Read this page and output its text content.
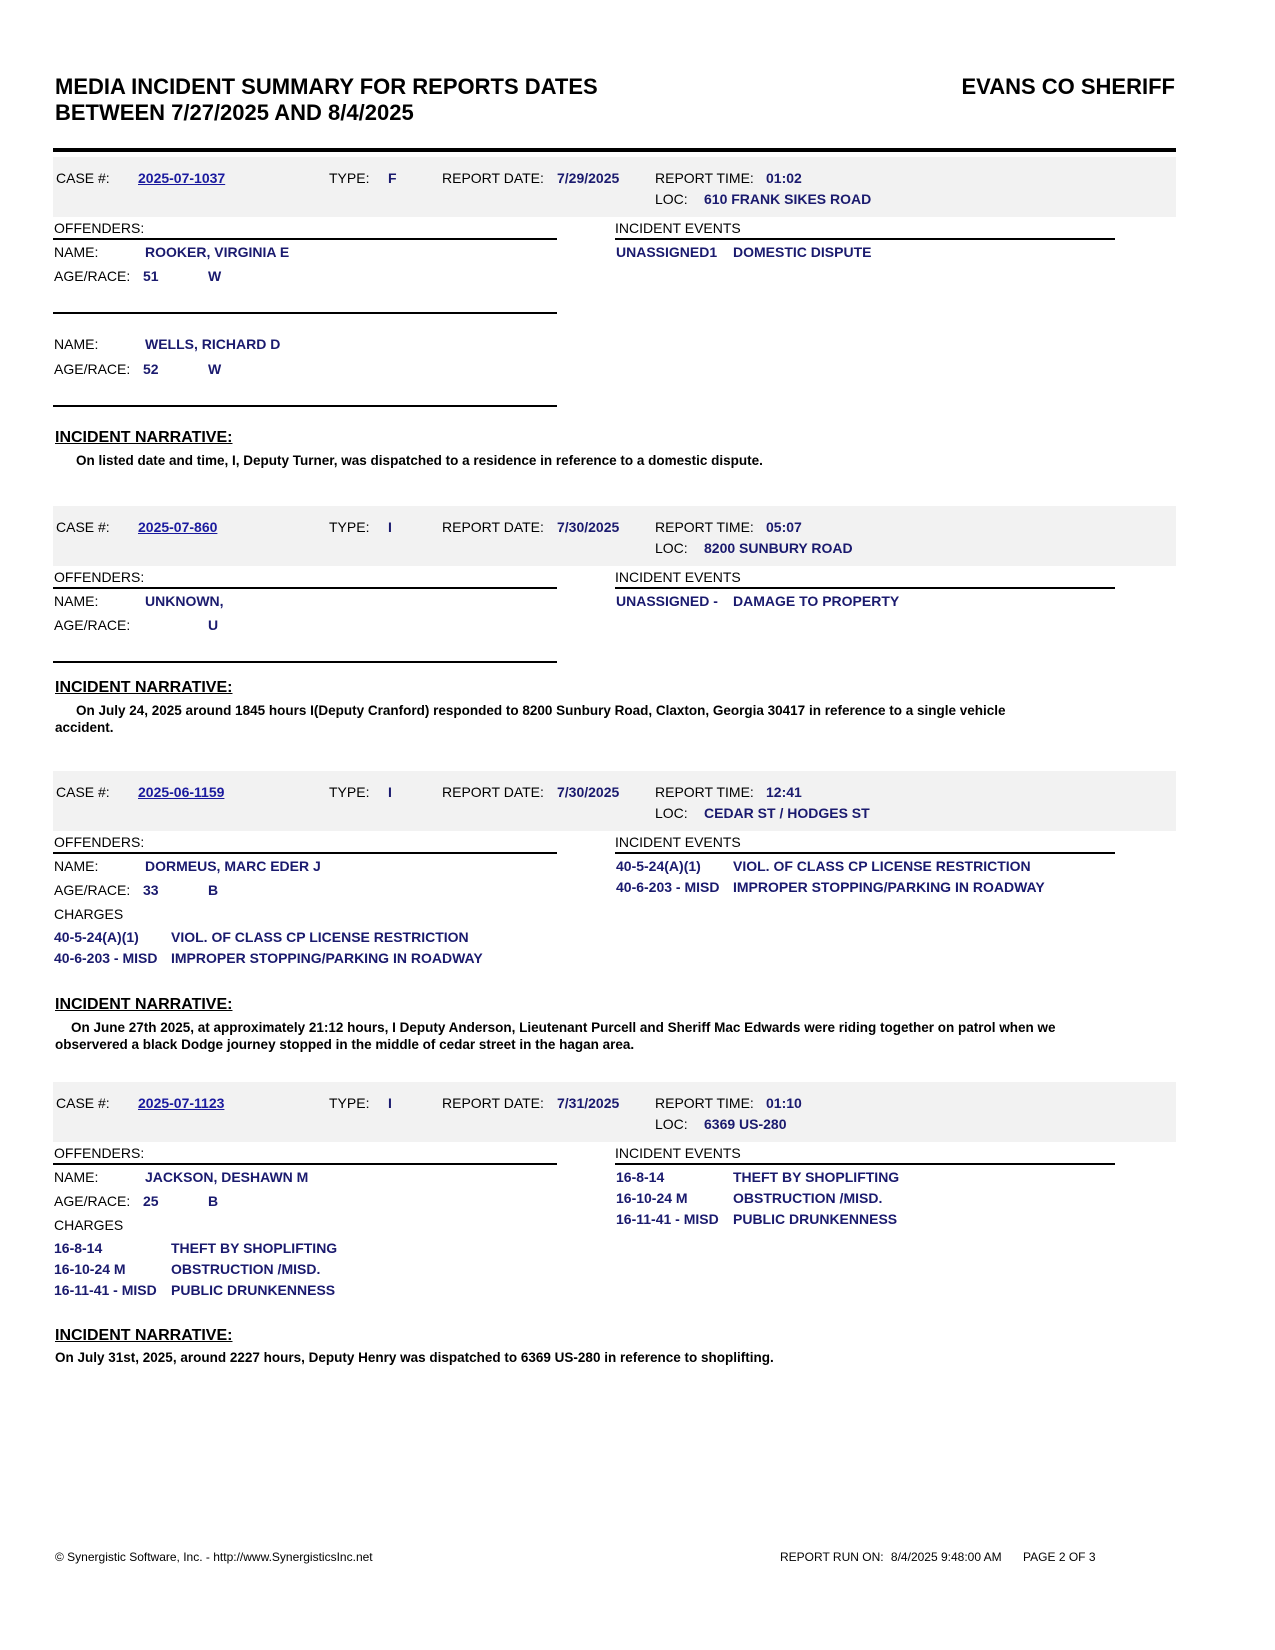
MEDIA INCIDENT SUMMARY FOR REPORTS DATES
BETWEEN 7/27/2025 AND 8/4/2025
EVANS CO SHERIFF
CASE #: 2025-07-1037	TYPE: F	REPORT DATE: 7/29/2025	REPORT TIME: 01:02
LOC: 610 FRANK SIKES ROAD
OFFENDERS:	INCIDENT EVENTS
NAME:	ROOKER, VIRGINIA E
AGE/RACE: 51	W
NAME:	WELLS, RICHARD D
AGE/RACE: 52	W
UNASSIGNED1 DOMESTIC DISPUTE
INCIDENT NARRATIVE:
On listed date and time, I, Deputy Turner, was dispatched to a residence in reference to a domestic dispute.
CASE #: 2025-07-860	TYPE: I	REPORT DATE: 7/30/2025	REPORT TIME: 05:07
LOC: 8200 SUNBURY ROAD
OFFENDERS:	INCIDENT EVENTS
NAME:	UNKNOWN,
AGE/RACE:	U
UNASSIGNED - DAMAGE TO PROPERTY
INCIDENT NARRATIVE:
On July 24, 2025 around 1845 hours I(Deputy Cranford) responded to 8200 Sunbury Road, Claxton, Georgia 30417 in reference to a single vehicle
accident.
CASE #: 2025-06-1159	TYPE: I	REPORT DATE: 7/30/2025	REPORT TIME: 12:41
LOC: CEDAR ST / HODGES ST
OFFENDERS:	INCIDENT EVENTS
NAME:	DORMEUS, MARC EDER J
AGE/RACE: 33	B
CHARGES
40-5-24(A)(1) VIOL. OF CLASS CP LICENSE RESTRICTION
40-6-203 - MISD IMPROPER STOPPING/PARKING IN ROADWAY
40-5-24(A)(1) VIOL. OF CLASS CP LICENSE RESTRICTION
40-6-203 - MISD IMPROPER STOPPING/PARKING IN ROADWAY
INCIDENT NARRATIVE:
On June 27th 2025, at approximately 21:12 hours, I Deputy Anderson, Lieutenant Purcell and Sheriff Mac Edwards were riding together on patrol when we
observered a black Dodge journey stopped in the middle of cedar street in the hagan area.
CASE #: 2025-07-1123	TYPE: I	REPORT DATE: 7/31/2025	REPORT TIME: 01:10
LOC: 6369 US-280
OFFENDERS:	INCIDENT EVENTS
NAME:	JACKSON, DESHAWN M
AGE/RACE: 25	B
CHARGES
16-8-14	THEFT BY SHOPLIFTING
16-10-24 M	OBSTRUCTION /MISD.
16-11-41 - MISD PUBLIC DRUNKENNESS
16-8-14	THEFT BY SHOPLIFTING
16-10-24 M	OBSTRUCTION /MISD.
16-11-41 - MISD PUBLIC DRUNKENNESS
INCIDENT NARRATIVE:
On July 31st, 2025, around 2227 hours, Deputy Henry was dispatched to 6369 US-280 in reference to shoplifting.
© Synergistic Software, Inc. - http://www.SynergisticsInc.net	REPORT RUN ON: 8/4/2025 9:48:00 AM PAGE 2 OF 3
